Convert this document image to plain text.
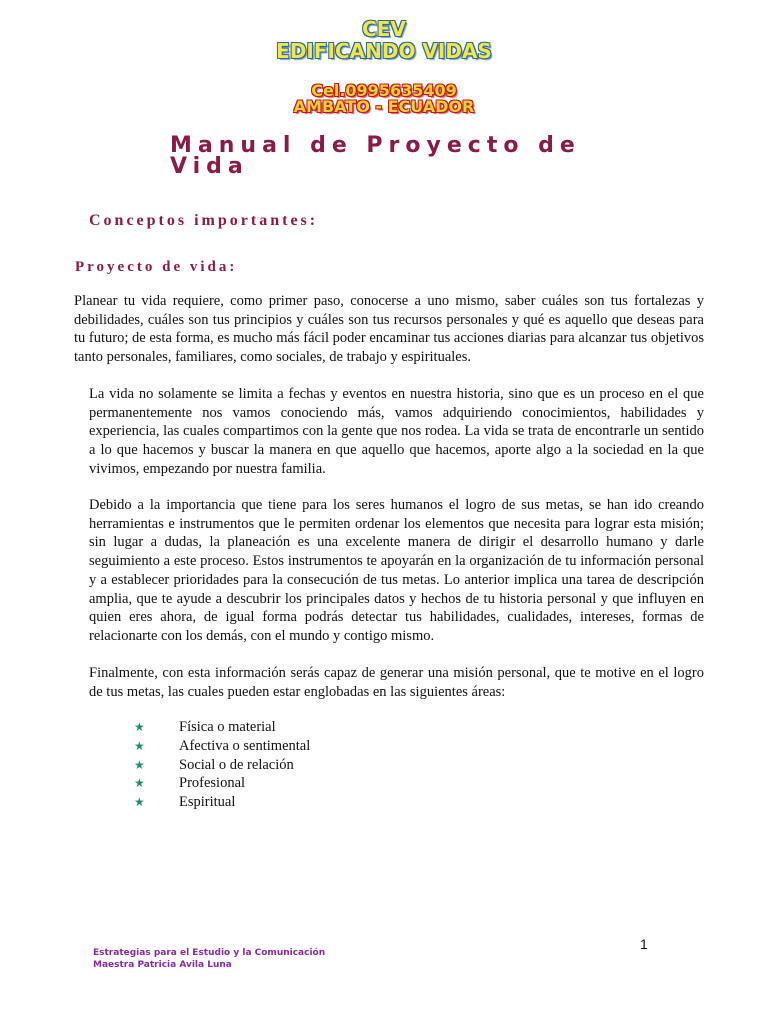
CEV
EDIFICANDO VIDAS
Cel.0995635409
AMBATO - ECUADOR
Manual de Proyecto de
Vida
Conceptos importantes:
Proyecto de vida:
Planear tu vida requiere, como primer paso, conocerse a uno mismo, saber cuáles son tus fortalezas y debilidades, cuáles son tus principios y cuáles son tus recursos personales y qué es aquello que deseas para tu futuro; de esta forma, es mucho más fácil poder encaminar tus acciones diarias para alcanzar tus objetivos tanto personales, familiares, como sociales, de trabajo y espirituales.
La vida no solamente se limita a fechas y eventos en nuestra historia, sino que es un proceso en el que permanentemente nos vamos conociendo más, vamos adquiriendo conocimientos, habilidades y experiencia, las cuales compartimos con la gente que nos rodea. La vida se trata de encontrarle un sentido a lo que hacemos y buscar la manera en que aquello que hacemos, aporte algo a la sociedad en la que vivimos, empezando por nuestra familia.
Debido a la importancia que tiene para los seres humanos el logro de sus metas, se han ido creando herramientas e instrumentos que le permiten ordenar los elementos que necesita para lograr esta misión; sin lugar a dudas, la planeación es una excelente manera de dirigir el desarrollo humano y darle seguimiento a este proceso. Estos instrumentos te apoyarán en la organización de tu información personal y a establecer prioridades para la consecución de tus metas. Lo anterior implica una tarea de descripción amplia, que te ayude a descubrir los principales datos y hechos de tu historia personal y que influyen en quien eres ahora, de igual forma podrás detectar tus habilidades, cualidades, intereses, formas de relacionarte con los demás, con el mundo y contigo mismo.
Finalmente, con esta información serás capaz de generar una misión personal, que te motive en el logro de tus metas, las cuales pueden estar englobadas en las siguientes áreas:
★ Física o material
★ Afectiva o sentimental
★ Social o de relación
★ Profesional
★ Espiritual
1
Estrategias para el Estudio y la Comunicación
Maestra Patricia Avila Luna
